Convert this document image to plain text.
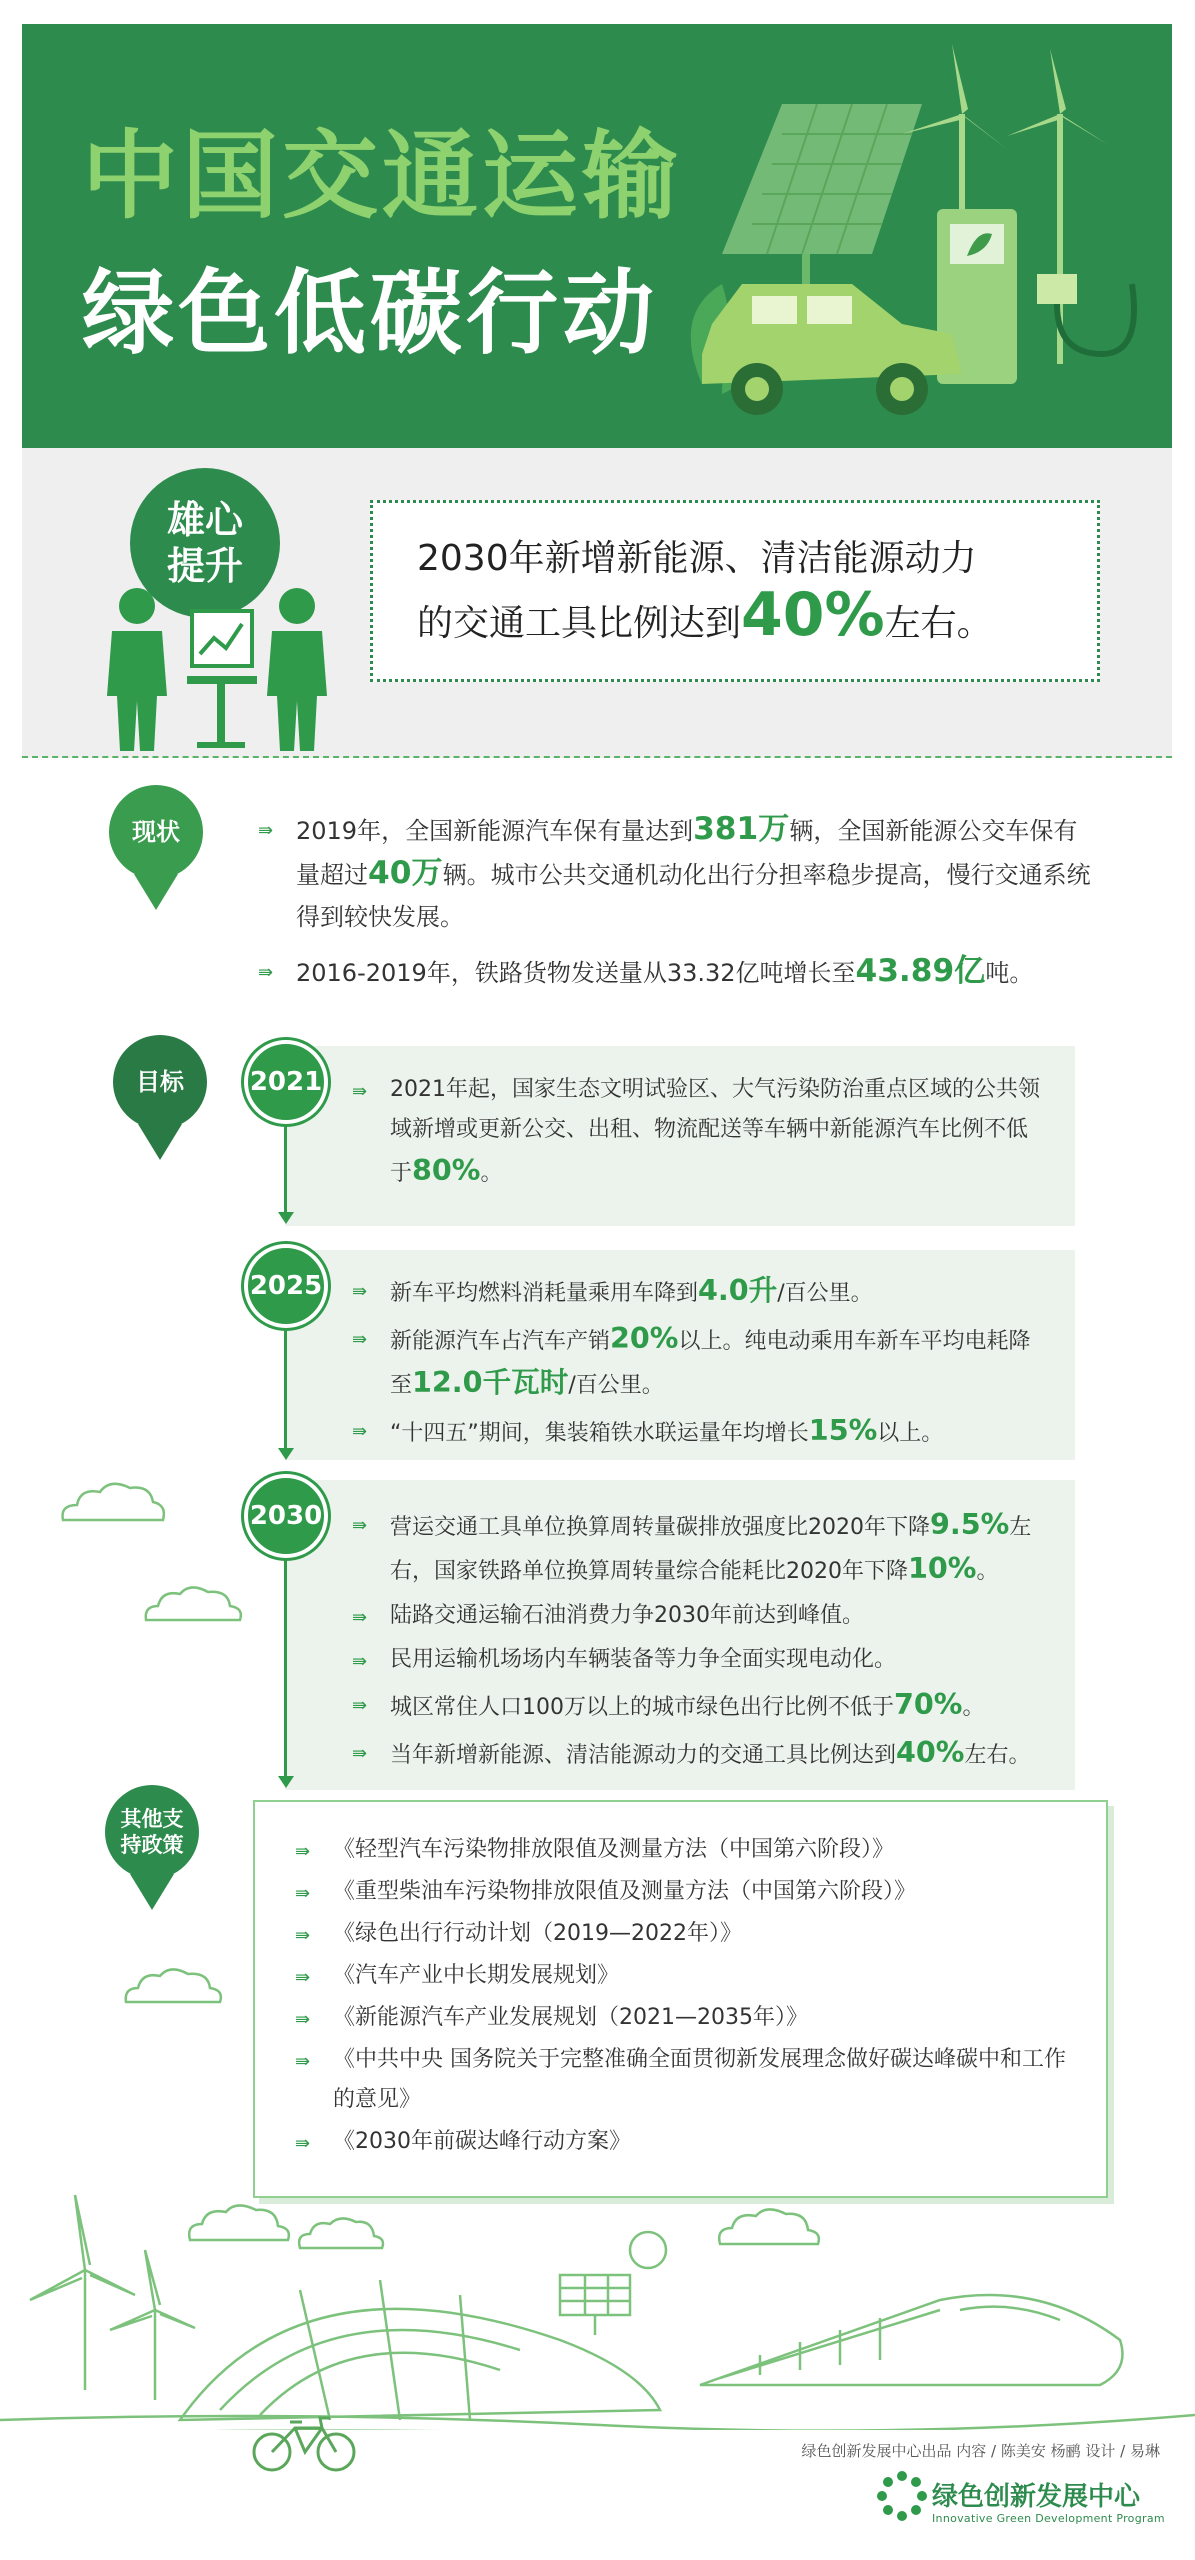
中国交通运输
绿色低碳行动
雄心
提升	2030年新增新能源、清洁能源动力
的交通工具比例达到40%左右。
现状	⇛ 2019年，全国新能源汽车保有量达到381万辆，全国新能源公交车保有量超过40万辆。城市公共交通机动化出行分担率稳步提高，慢行交通系统得到较快发展。
⇛ 2016-2019年，铁路货物发送量从33.32亿吨增长至43.89亿吨。
目标	2021	⇛ 2021年起，国家生态文明试验区、大气污染防治重点区域的公共领域新增或更新公交、出租、物流配送等车辆中新能源汽车比例不低于80%。
2025	⇛ 新车平均燃料消耗量乘用车降到4.0升/百公里。
⇛ 新能源汽车占汽车产销20%以上。纯电动乘用车新车平均电耗降至12.0千瓦时/百公里。
⇛ “十四五”期间，集装箱铁水联运量年均增长15%以上。
2030	⇛ 营运交通工具单位换算周转量碳排放强度比2020年下降9.5%左右，国家铁路单位换算周转量综合能耗比2020年下降10%。
⇛ 陆路交通运输石油消费力争2030年前达到峰值。
⇛ 民用运输机场场内车辆装备等力争全面实现电动化。
⇛ 城区常住人口100万以上的城市绿色出行比例不低于70%。
⇛ 当年新增新能源、清洁能源动力的交通工具比例达到40%左右。
其他支
持政策	⇛ 《轻型汽车污染物排放限值及测量方法（中国第六阶段）》
⇛ 《重型柴油车污染物排放限值及测量方法（中国第六阶段）》
⇛ 《绿色出行行动计划（2019—2022年）》
⇛ 《汽车产业中长期发展规划》
⇛ 《新能源汽车产业发展规划（2021—2035年）》
⇛ 《中共中央 国务院关于完整准确全面贯彻新发展理念做好碳达峰碳中和工作的意见》
⇛ 《2030年前碳达峰行动方案》
绿色创新发展中心出品 内容 / 陈美安 杨鹂 设计 / 易琳
绿色创新发展中心
Innovative Green Development Program
